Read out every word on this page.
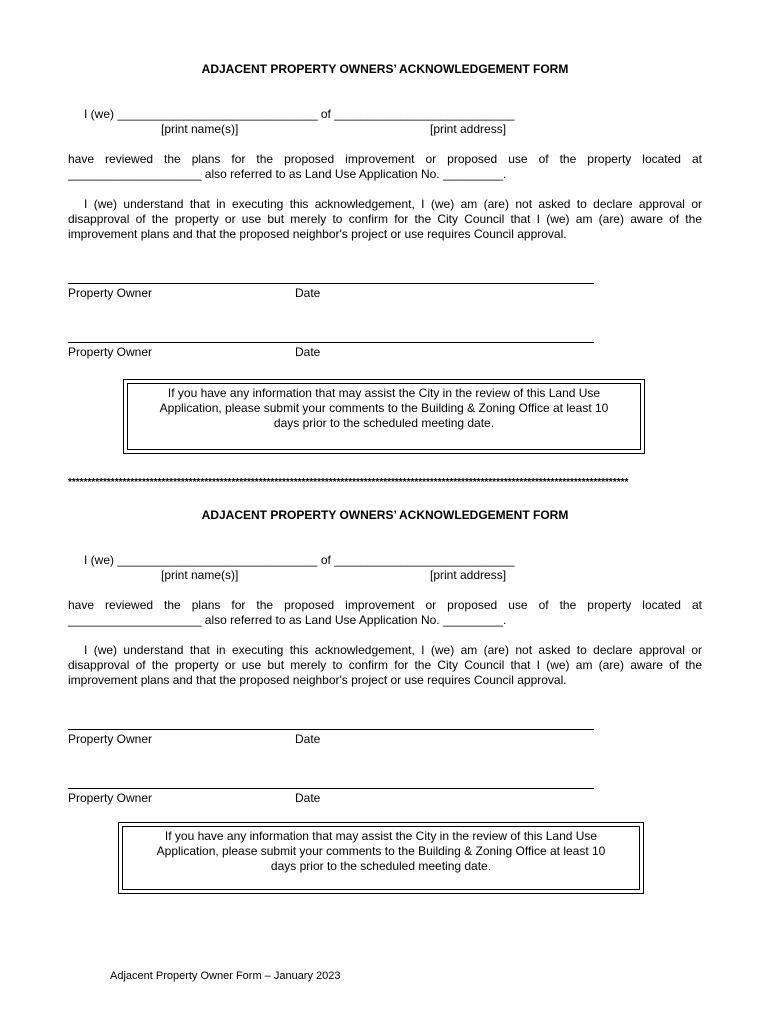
ADJACENT PROPERTY OWNERS’ ACKNOWLEDGEMENT FORM
I (we) ______________________________ of ___________________________
[print name(s)]	[print address]

have reviewed the plans for the proposed improvement or proposed use of the property located at ____________________ also referred to as Land Use Application No. _________.

I (we) understand that in executing this acknowledgement, I (we) am (are) not asked to declare approval or disapproval of the property or use but merely to confirm for the City Council that I (we) am (are) aware of the improvement plans and that the proposed neighbor's project or use requires Council approval.

Property Owner	Date
Property Owner	Date
If you have any information that may assist the City in the review of this Land Use Application, please submit your comments to the Building & Zoning Office at least 10 days prior to the scheduled meeting date.
************************************************************************************************************************************************
ADJACENT PROPERTY OWNERS’ ACKNOWLEDGEMENT FORM
I (we) ______________________________ of ___________________________
[print name(s)]	[print address]

have reviewed the plans for the proposed improvement or proposed use of the property located at ____________________ also referred to as Land Use Application No. _________.

I (we) understand that in executing this acknowledgement, I (we) am (are) not asked to declare approval or disapproval of the property or use but merely to confirm for the City Council that I (we) am (are) aware of the improvement plans and that the proposed neighbor's project or use requires Council approval.

Property Owner	Date
Property Owner	Date
If you have any information that may assist the City in the review of this Land Use Application, please submit your comments to the Building & Zoning Office at least 10 days prior to the scheduled meeting date.
Adjacent Property Owner Form – January 2023
